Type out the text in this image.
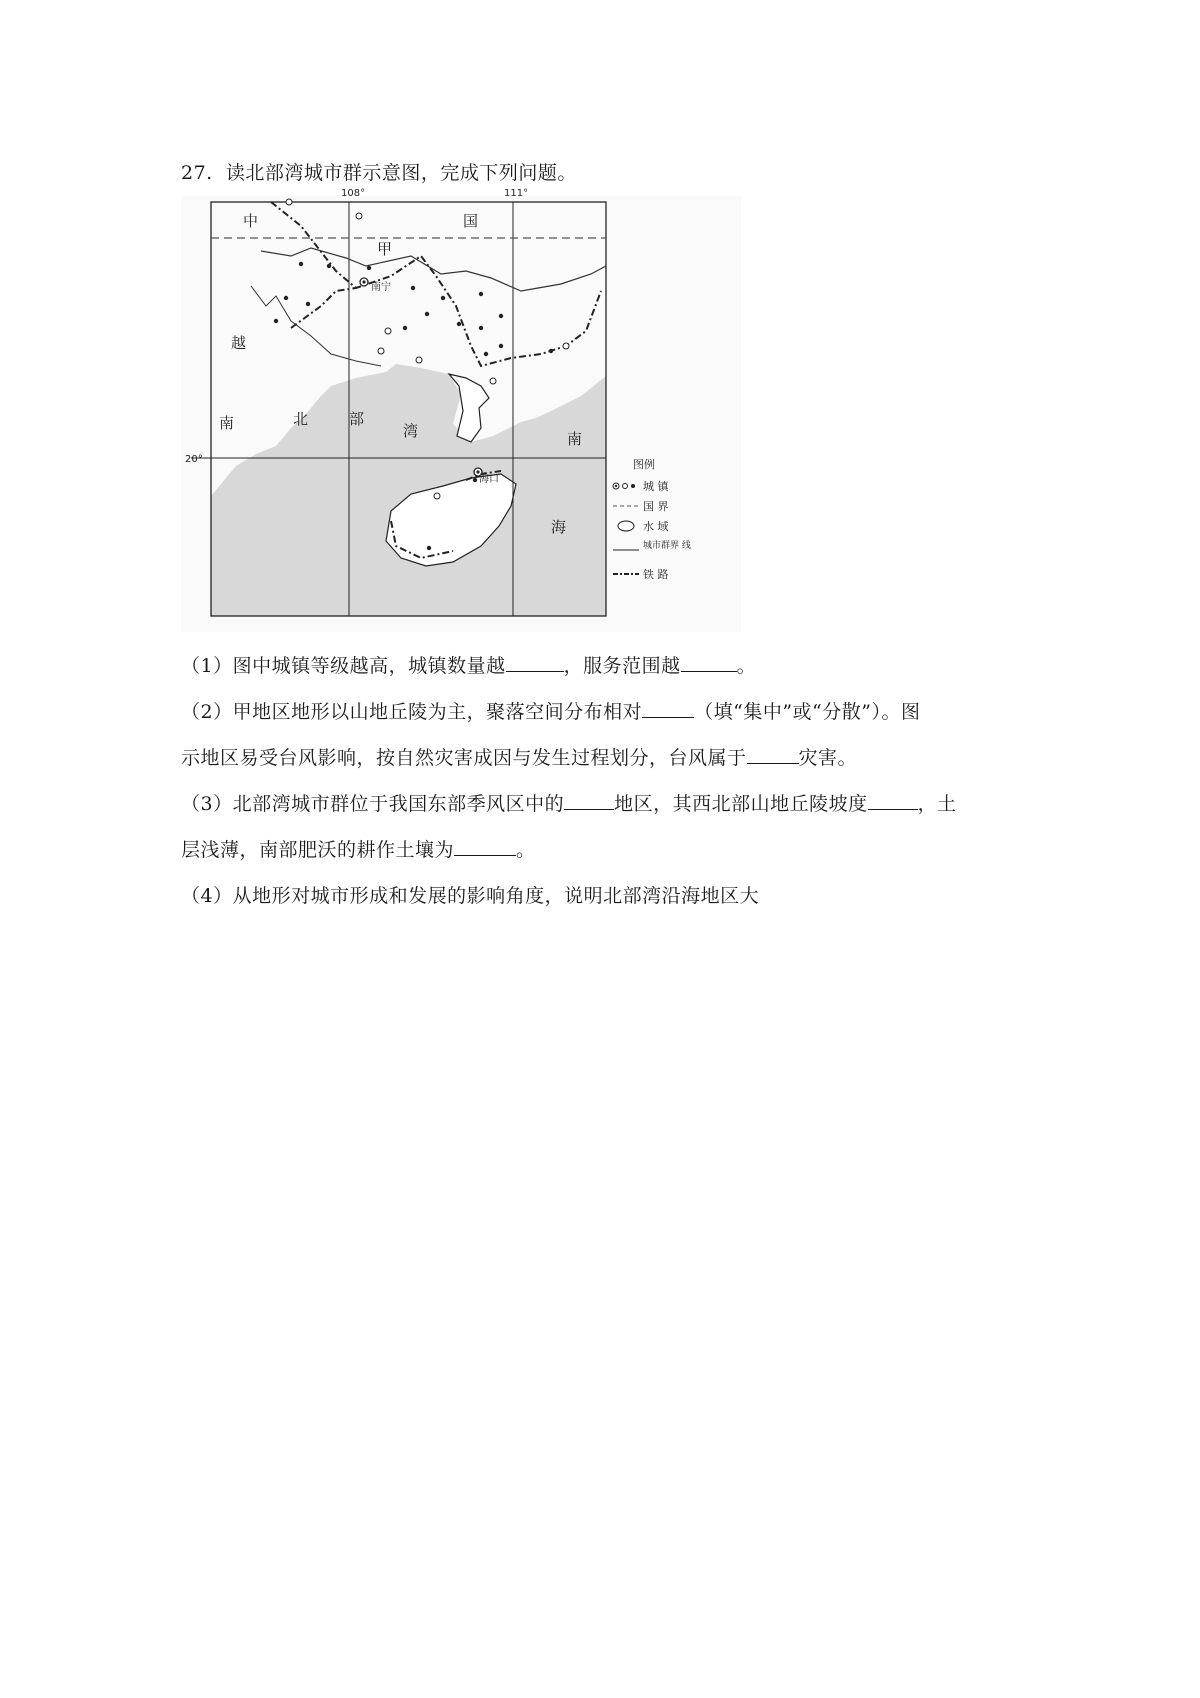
27. 读北部湾城市群示意图，完成下列问题。
108°	111°
20°
中	国
甲
越
南	北	部
湾	南
海
南宁
海口
图例
城 镇
国 界
水 域
城市群界 线
铁 路
（1）图中城镇等级越高，城镇数量越	，服务范围越	。
（2）甲地区地形以山地丘陵为主，聚落空间分布相对	（填“集中”或“分散”）。图
示地区易受台风影响，按自然灾害成因与发生过程划分，台风属于	灾害。
（3）北部湾城市群位于我国东部季风区中的	地区，其西北部山地丘陵坡度	，土
层浅薄，南部肥沃的耕作土壤为	。
（4）从地形对城市形成和发展的影响角度，说明北部湾沿海地区大
